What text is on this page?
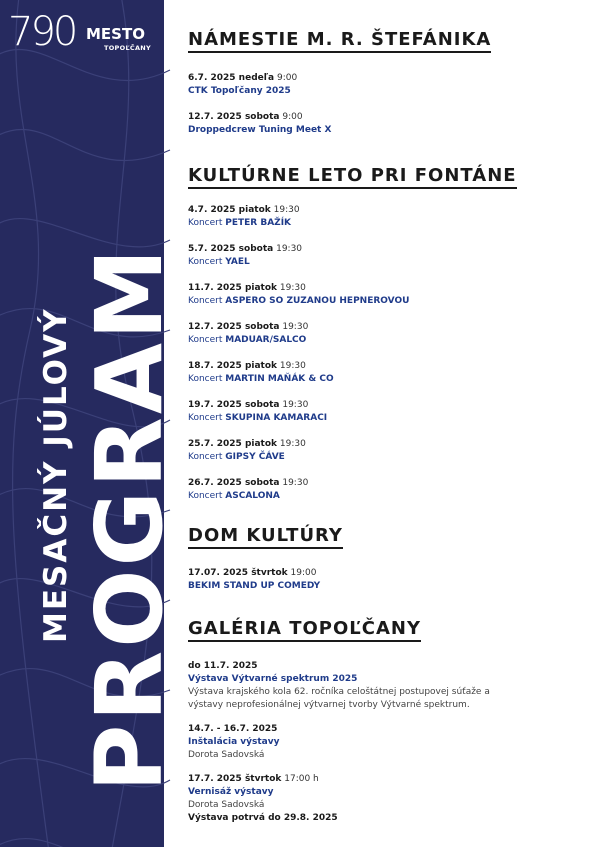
790 MESTO
TOPOĽČANY
MESAČNÝ JÚLOVÝ PROGRAM
NÁMESTIE M. R. ŠTEFÁNIKA
6.7. 2025 nedeľa 9:00
CTK Topoľčany 2025
12.7. 2025 sobota 9:00
Droppedcrew Tuning Meet X
KULTÚRNE LETO PRI FONTÁNE
4.7. 2025 piatok 19:30
Koncert PETER BAŽÍK
5.7. 2025 sobota 19:30
Koncert YAEL
11.7. 2025 piatok 19:30
Koncert ASPERO SO ZUZANOU HEPNEROVOU
12.7. 2025 sobota 19:30
Koncert MADUAR/SALCO
18.7. 2025 piatok 19:30
Koncert MARTIN MAŇÁK & CO
19.7. 2025 sobota 19:30
Koncert SKUPINA KAMARACI
25.7. 2025 piatok 19:30
Koncert GIPSY ČÁVE
26.7. 2025 sobota 19:30
Koncert ASCALONA
DOM KULTÚRY
17.07. 2025 štvrtok 19:00
BEKIM STAND UP COMEDY
GALÉRIA TOPOĽČANY
do 11.7. 2025
Výstava Výtvarné spektrum 2025
Výstava krajského kola 62. ročníka celoštátnej postupovej súťaže a
výstavy neprofesionálnej výtvarnej tvorby Výtvarné spektrum.
14.7. - 16.7. 2025
Inštalácia výstavy
Dorota Sadovská
17.7. 2025 štvrtok 17:00 h
Vernisáž výstavy
Dorota Sadovská
Výstava potrvá do 29.8. 2025
